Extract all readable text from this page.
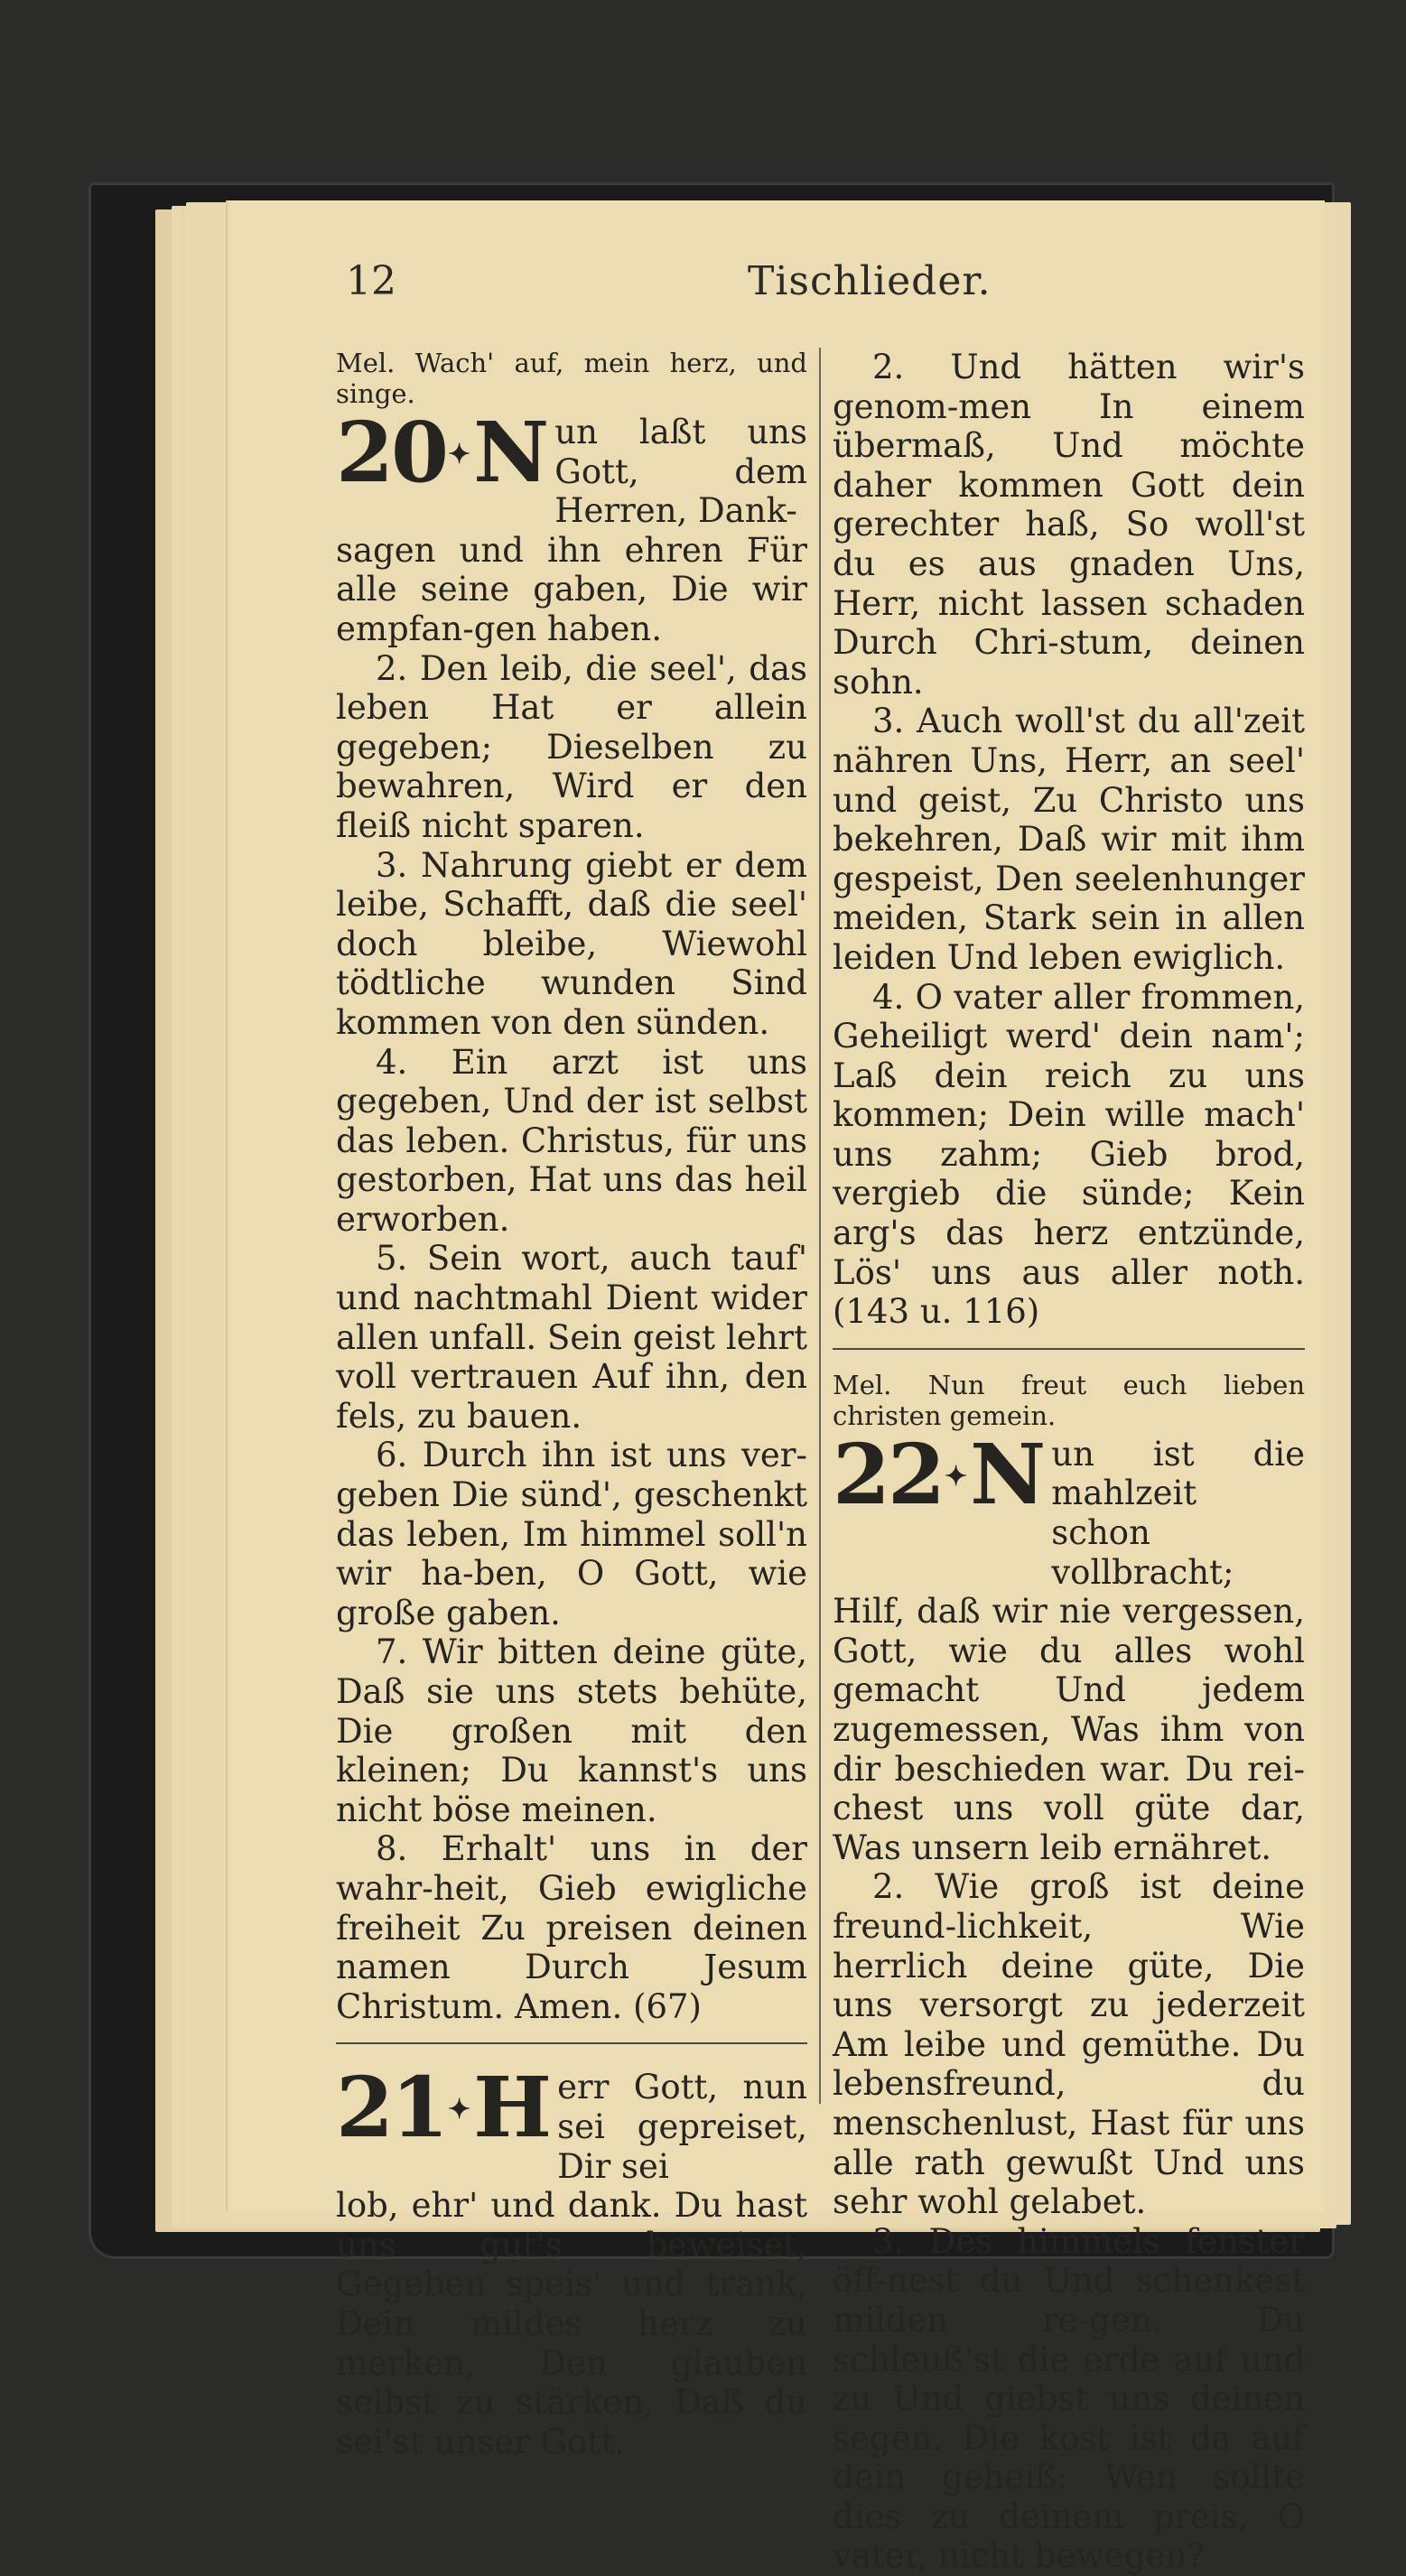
12	Tischlieder.

Mel. Wach' auf, mein herz, und singe.

20✦ N un laßt uns Gott, dem Herren, Dank-

sagen und ihn ehren Für alle seine gaben, Die wir empfan-gen haben.

2. Den leib, die seel', das leben Hat er allein gegeben; Dieselben zu bewahren, Wird er den fleiß nicht sparen.

3. Nahrung giebt er dem leibe, Schafft, daß die seel' doch bleibe, Wiewohl tödtliche wunden Sind kommen von den sünden.

4. Ein arzt ist uns gegeben, Und der ist selbst das leben. Christus, für uns gestorben, Hat uns das heil erworben.

5. Sein wort, auch tauf' und nachtmahl Dient wider allen unfall. Sein geist lehrt voll vertrauen Auf ihn, den fels, zu bauen.

6. Durch ihn ist uns ver-geben Die sünd', geschenkt das leben, Im himmel soll'n wir ha-ben, O Gott, wie große gaben.

7. Wir bitten deine güte, Daß sie uns stets behüte, Die großen mit den kleinen; Du kannst's uns nicht böse meinen.

8. Erhalt' uns in der wahr-heit, Gieb ewigliche freiheit Zu preisen deinen namen Durch Jesum Christum. Amen. (67)

21✦ H err Gott, nun sei gepreiset, Dir sei

lob, ehr' und dank. Du hast uns gut's beweiset, Gegeben speis' und trank, Dein mildes herz zu merken, Den glauben selbst zu stärken, Daß du sei'st unser Gott.

2. Und hätten wir's genom-men In einem übermaß, Und möchte daher kommen Gott dein gerechter haß, So woll'st du es aus gnaden Uns, Herr, nicht lassen schaden Durch Chri-stum, deinen sohn.

3. Auch woll'st du all'zeit nähren Uns, Herr, an seel' und geist, Zu Christo uns bekehren, Daß wir mit ihm gespeist, Den seelenhunger meiden, Stark sein in allen leiden Und leben ewiglich.

4. O vater aller frommen, Geheiligt werd' dein nam'; Laß dein reich zu uns kommen; Dein wille mach' uns zahm; Gieb brod, vergieb die sünde; Kein arg's das herz entzünde, Lös' uns aus aller noth. (143 u. 116)

Mel. Nun freut euch lieben christen gemein.

22✦ N un ist die mahlzeit schon vollbracht;

Hilf, daß wir nie vergessen, Gott, wie du alles wohl gemacht Und jedem zugemessen, Was ihm von dir beschieden war. Du rei-chest uns voll güte dar, Was unsern leib ernähret.

2. Wie groß ist deine freund-lichkeit, Wie herrlich deine güte, Die uns versorgt zu jederzeit Am leibe und gemüthe. Du lebensfreund, du menschenlust, Hast für uns alle rath gewußt Und uns sehr wohl gelabet.

3. Des himmels fenster öff-nest du Und schenkest milden re-gen. Du schleuß'st die erde auf und zu Und giebst uns deinen segen. Die kost ist da auf dein geheiß: Wen sollte dies zu deinem preis, O vater, nicht bewegen?
